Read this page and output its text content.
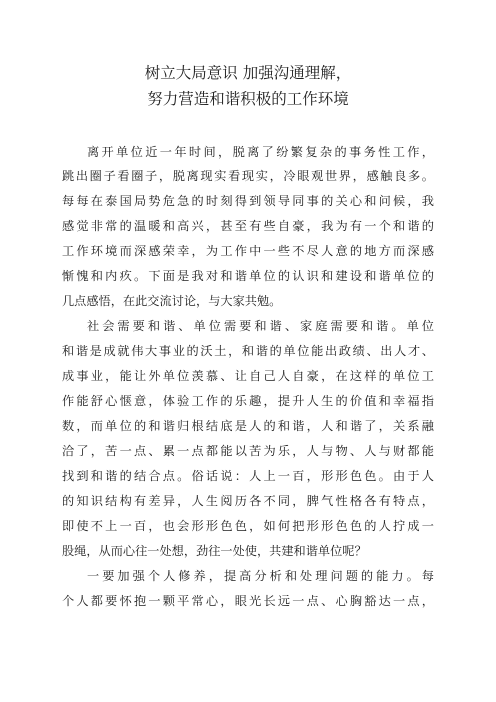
树立大局意识 加强沟通理解，
努力营造和谐积极的工作环境
离开单位近一年时间，脱离了纷繁复杂的事务性工作，
跳出圈子看圈子，脱离现实看现实，冷眼观世界，感触良多。
每每在泰国局势危急的时刻得到领导同事的关心和问候，我
感觉非常的温暖和高兴，甚至有些自豪，我为有一个和谐的
工作环境而深感荣幸，为工作中一些不尽人意的地方而深感
惭愧和内疚。下面是我对和谐单位的认识和建设和谐单位的
几点感悟，在此交流讨论，与大家共勉。
社会需要和谐、单位需要和谐、家庭需要和谐。单位
和谐是成就伟大事业的沃土，和谐的单位能出政绩、出人才、
成事业，能让外单位羡慕、让自己人自豪，在这样的单位工
作能舒心惬意，体验工作的乐趣，提升人生的价值和幸福指
数，而单位的和谐归根结底是人的和谐，人和谐了，关系融
洽了，苦一点、累一点都能以苦为乐，人与物、人与财都能
找到和谐的结合点。俗话说：人上一百，形形色色。由于人
的知识结构有差异，人生阅历各不同，脾气性格各有特点，
即使不上一百，也会形形色色，如何把形形色色的人拧成一
股绳，从而心往一处想，劲往一处使，共建和谐单位呢？
一要加强个人修养，提高分析和处理问题的能力。每
个人都要怀抱一颗平常心，眼光长远一点、心胸豁达一点，
